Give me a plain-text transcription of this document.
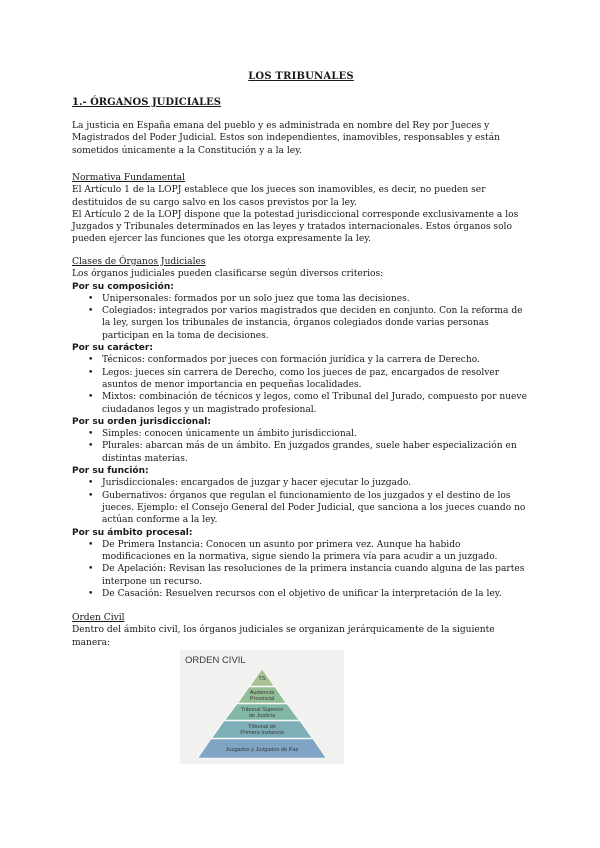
LOS TRIBUNALES
1.- ÓRGANOS JUDICIALES

La justicia en España emana del pueblo y es administrada en nombre del Rey por Jueces y Magistrados del Poder Judicial. Estos son independientes, inamovibles, responsables y están sometidos únicamente a la Constitución y a la ley.

Normativa Fundamental

El Artículo 1 de la LOPJ establece que los jueces son inamovibles, es decir, no pueden ser destituidos de su cargo salvo en los casos previstos por la ley.

El Artículo 2 de la LOPJ dispone que la potestad jurisdiccional corresponde exclusivamente a los Juzgados y Tribunales determinados en las leyes y tratados internacionales. Estos órganos solo pueden ejercer las funciones que les otorga expresamente la ley.

Clases de Órganos Judiciales

Los órganos judiciales pueden clasificarse según diversos criterios:

Por su composición:
• Unipersonales: formados por un solo juez que toma las decisiones.
• Colegiados: integrados por varios magistrados que deciden en conjunto. Con la reforma de la ley, surgen los tribunales de instancia, órganos colegiados donde varias personas participan en la toma de decisiones.
Por su carácter:
• Técnicos: conformados por jueces con formación jurídica y la carrera de Derecho.
• Legos: jueces sin carrera de Derecho, como los jueces de paz, encargados de resolver asuntos de menor importancia en pequeñas localidades.
• Mixtos: combinación de técnicos y legos, como el Tribunal del Jurado, compuesto por nueve ciudadanos legos y un magistrado profesional.
Por su orden jurisdiccional:
• Simples: conocen únicamente un ámbito jurisdiccional.
• Plurales: abarcan más de un ámbito. En juzgados grandes, suele haber especialización en distintas materias.
Por su función:
• Jurisdiccionales: encargados de juzgar y hacer ejecutar lo juzgado.
• Gubernativos: órganos que regulan el funcionamiento de los juzgados y el destino de los jueces. Ejemplo: el Consejo General del Poder Judicial, que sanciona a los jueces cuando no actúan conforme a la ley.
Por su ámbito procesal:
• De Primera Instancia: Conocen un asunto por primera vez. Aunque ha habido modificaciones en la normativa, sigue siendo la primera vía para acudir a un juzgado.
• De Apelación: Revisan las resoluciones de la primera instancia cuando alguna de las partes interpone un recurso.
• De Casación: Resuelven recursos con el objetivo de unificar la interpretación de la ley.
Orden Civil

Dentro del ámbito civil, los órganos judiciales se organizan jerárquicamente de la siguiente manera:

ORDEN CIVIL
TS
Audiencia Provincial
Tribunal Superior de Justicia
Tribunal de Primera Instancia
Juzgados y Juzgados de Paz
